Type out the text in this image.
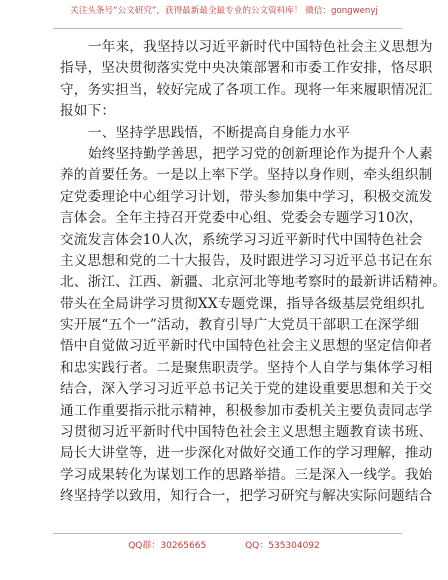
关注头条号“公文研究”，获得最新最全最专业的公文资料库！ 微信：gongwenyj
一年来，我坚持以习近平新时代中国特色社会主义思想为
指导，坚决贯彻落实党中央决策部署和市委工作安排，恪尽职
守，务实担当，较好完成了各项工作。现将一年来履职情况汇
报如下：
一、坚持学思践悟，不断提高自身能力水平
始终坚持勤学善思，把学习党的创新理论作为提升个人素
养的首要任务。一是以上率下学。坚持以身作则，牵头组织制
定党委理论中心组学习计划，带头参加集中学习，积极交流发
言体会。全年主持召开党委中心组、党委会专题学习10次，
交流发言体会10人次，系统学习习近平新时代中国特色社会
主义思想和党的二十大报告，及时跟进学习习近平总书记在东
北、浙江、江西、新疆、北京河北等地考察时的最新讲话精神。
带头在全局讲学习贯彻XX专题党课，指导各级基层党组织扎
实开展“五个一”活动，教育引导广大党员干部职工在深学细
悟中自觉做习近平新时代中国特色社会主义思想的坚定信仰者
和忠实践行者。二是聚焦职责学。坚持个人自学与集体学习相
结合，深入学习习近平总书记关于党的建设重要思想和关于交
通工作重要指示批示精神，积极参加市委机关主要负责同志学
习贯彻习近平新时代中国特色社会主义思想主题教育读书班、
局长大讲堂等，进一步深化对做好交通工作的学习理解，推动
学习成果转化为谋划工作的思路举措。三是深入一线学。我始
终坚持学以致用，知行合一，把学习研究与解决实际问题结合
QQ群：30265665	QQ：535304092
